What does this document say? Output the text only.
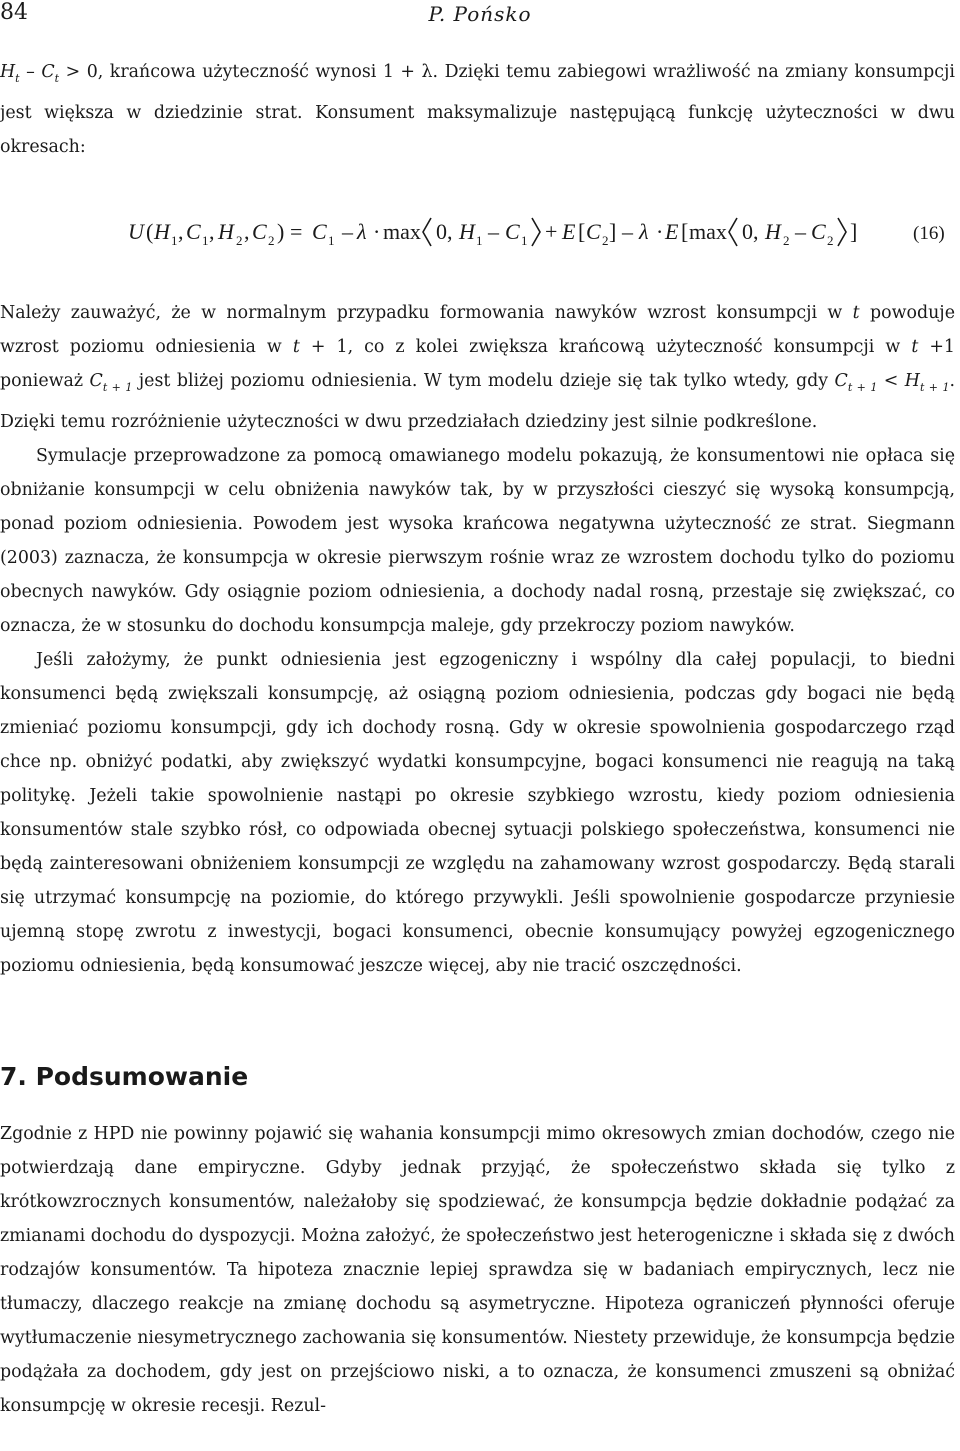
84	P. Pońsko

$H_t - C_t > 0$, krańcowa użyteczność wynosi 1 + λ. Dzięki temu zabiegowi wrażliwość na zmiany konsumpcji jest większa w dziedzinie strat. Konsument maksymalizuje następującą funkcję użyteczności w dwu okresach:

U ( H 1 , C 1 , H 2 , C 2 ) = C 1 – λ · max 0, H 1 – C 1 + E [ C 2 ] – λ · E [ max 0, H 2 – C 2 ]	(16)

Należy zauważyć, że w normalnym przypadku formowania nawyków wzrost konsumpcji w t powoduje wzrost poziomu odniesienia w t + 1, co z kolei zwiększa krańcową użyteczność konsumpcji w t +1 ponieważ $C_{t + 1}$ jest bliżej poziomu odniesienia. W tym modelu dzieje się tak tylko wtedy, gdy $C_{t + 1} < H_{t + 1}$. Dzięki temu rozróżnienie użyteczności w dwu przedziałach dziedziny jest silnie podkreślone.

Symulacje przeprowadzone za pomocą omawianego modelu pokazują, że konsumentowi nie opłaca się obniżanie konsumpcji w celu obniżenia nawyków tak, by w przyszłości cieszyć się wysoką konsumpcją, ponad poziom odniesienia. Powodem jest wysoka krańcowa negatywna użyteczność ze strat. Siegmann (2003) zaznacza, że konsumpcja w okresie pierwszym rośnie wraz ze wzrostem dochodu tylko do poziomu obecnych nawyków. Gdy osiągnie poziom odniesienia, a dochody nadal rosną, przestaje się zwiększać, co oznacza, że w stosunku do dochodu konsumpcja maleje, gdy przekroczy poziom nawyków.

Jeśli założymy, że punkt odniesienia jest egzogeniczny i wspólny dla całej populacji, to biedni konsumenci będą zwiększali konsumpcję, aż osiągną poziom odniesienia, podczas gdy bogaci nie będą zmieniać poziomu konsumpcji, gdy ich dochody rosną. Gdy w okresie spowolnienia gospodarczego rząd chce np. obniżyć podatki, aby zwiększyć wydatki konsumpcyjne, bogaci konsumenci nie reagują na taką politykę. Jeżeli takie spowolnienie nastąpi po okresie szybkiego wzrostu, kiedy poziom odniesienia konsumentów stale szybko rósł, co odpowiada obecnej sytuacji polskiego społeczeństwa, konsumenci nie będą zainteresowani obniżeniem konsumpcji ze względu na zahamowany wzrost gospodarczy. Będą starali się utrzymać konsumpcję na poziomie, do którego przywykli. Jeśli spowolnienie gospodarcze przyniesie ujemną stopę zwrotu z inwestycji, bogaci konsumenci, obecnie konsumujący powyżej egzogenicznego poziomu odniesienia, będą konsumować jeszcze więcej, aby nie tracić oszczędności.

7. Podsumowanie

Zgodnie z HPD nie powinny pojawić się wahania konsumpcji mimo okresowych zmian dochodów, czego nie potwierdzają dane empiryczne. Gdyby jednak przyjąć, że społeczeństwo składa się tylko z krótkowzrocznych konsumentów, należałoby się spodziewać, że konsumpcja będzie dokładnie podążać za zmianami dochodu do dyspozycji. Można założyć, że społeczeństwo jest heterogeniczne i składa się z dwóch rodzajów konsumentów. Ta hipoteza znacznie lepiej sprawdza się w badaniach empirycznych, lecz nie tłumaczy, dlaczego reakcje na zmianę dochodu są asymetryczne. Hipoteza ograniczeń płynności oferuje wytłumaczenie niesymetrycznego zachowania się konsumentów. Niestety przewiduje, że konsumpcja będzie podążała za dochodem, gdy jest on przejściowo niski, a to oznacza, że konsumenci zmuszeni są obniżać konsumpcję w okresie recesji. Rezul-
